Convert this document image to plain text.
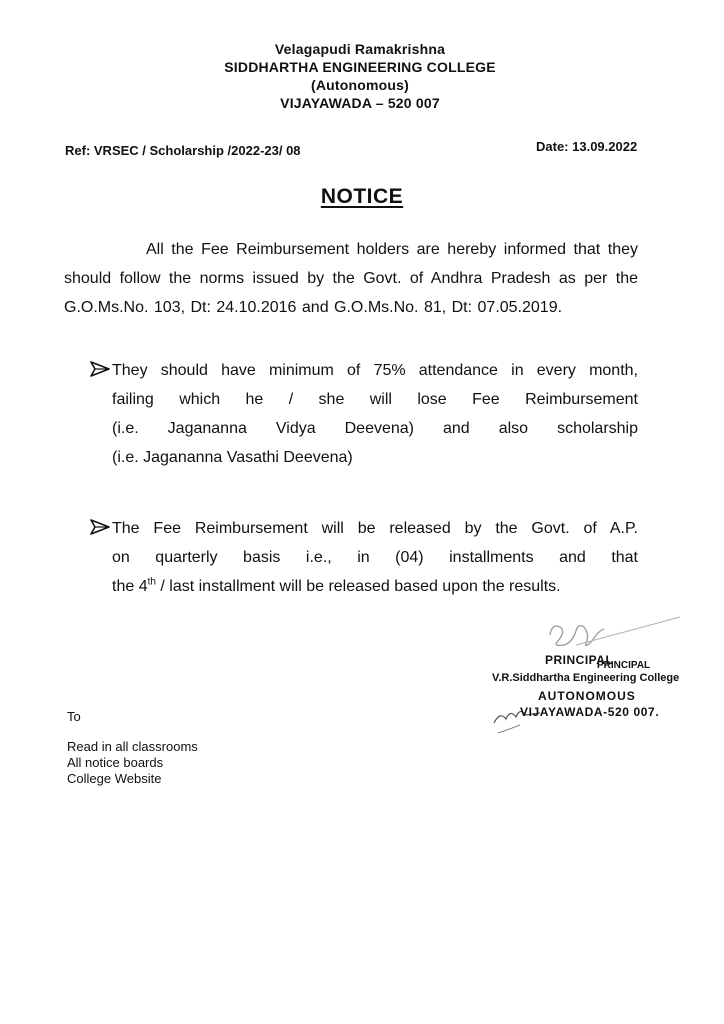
Velagapudi Ramakrishna
SIDDHARTHA ENGINEERING COLLEGE
(Autonomous)
VIJAYAWADA – 520 007
Ref: VRSEC / Scholarship /2022-23/ 08	Date: 13.09.2022
NOTICE
All the Fee Reimbursement holders are hereby informed that they should follow the norms issued by the Govt. of Andhra Pradesh as per the G.O.Ms.No. 103, Dt: 24.10.2016 and G.O.Ms.No. 81, Dt: 07.05.2019.
They should have minimum of 75% attendance in every month,
failing which he / she will lose Fee Reimbursement
(i.e. Jagananna Vidya Deevena) and also scholarship
(i.e. Jagananna Vasathi Deevena)
The Fee Reimbursement will be released by the Govt. of A.P.
on quarterly basis i.e., in (04) installments and that
the 4th / last installment will be released based upon the results.
PRINCIPAL
PRINCIPAL
V.R.Siddhartha Engineering College
AUTONOMOUS
VIJAYAWADA-520 007.
To
Read in all classrooms
All notice boards
College Website
